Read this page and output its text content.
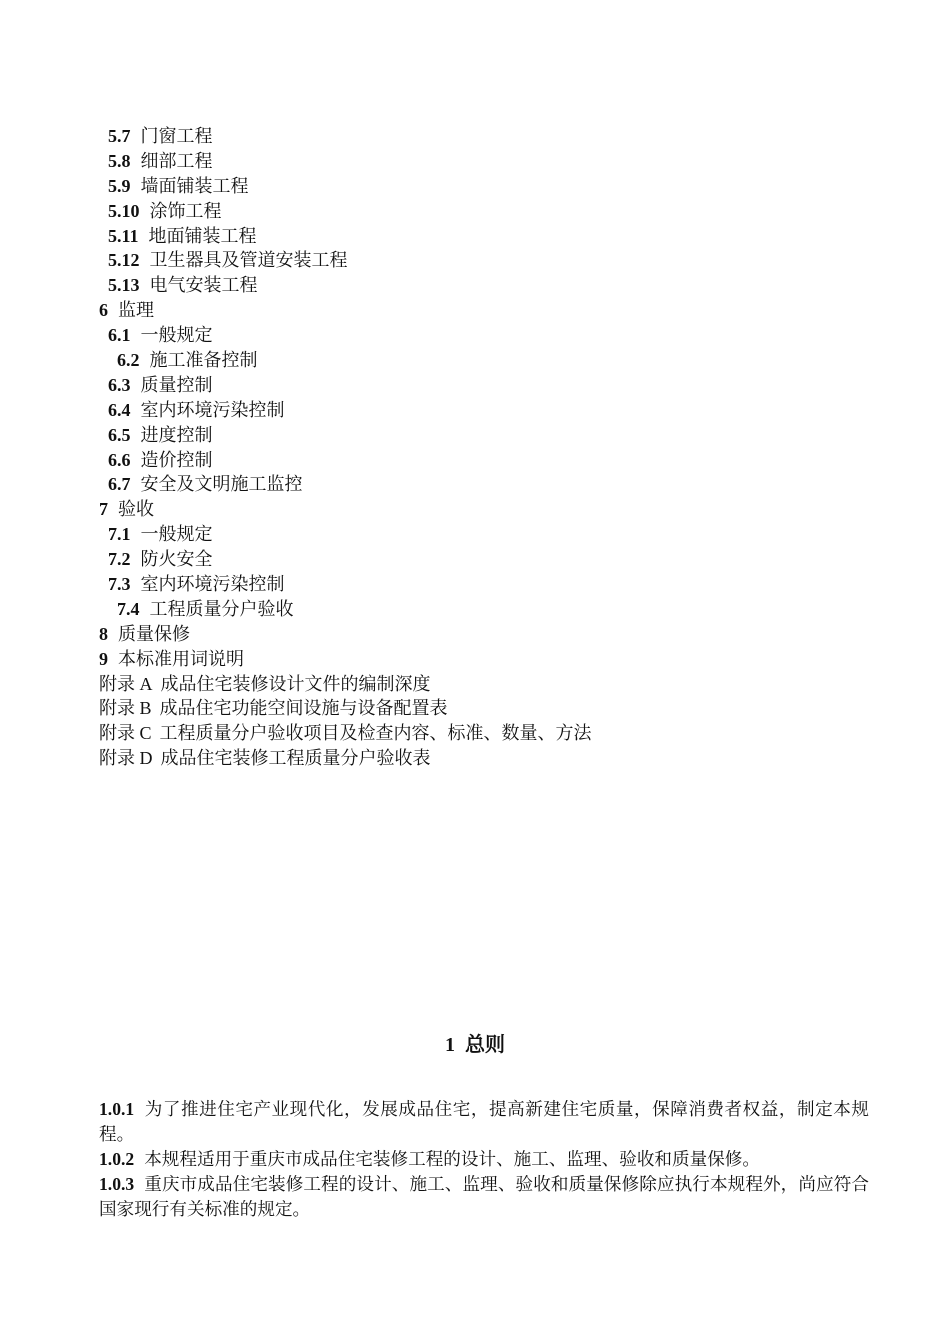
5.7 门窗工程
5.8 细部工程
5.9 墙面铺装工程
5.10 涂饰工程
5.11 地面铺装工程
5.12 卫生器具及管道安装工程
5.13 电气安装工程
6 监理
6.1 一般规定
6.2 施工准备控制
6.3 质量控制
6.4 室内环境污染控制
6.5 进度控制
6.6 造价控制
6.7 安全及文明施工监控
7 验收
7.1 一般规定
7.2 防火安全
7.3 室内环境污染控制
7.4 工程质量分户验收
8 质量保修
9 本标准用词说明
附录 A 成品住宅装修设计文件的编制深度
附录 B 成品住宅功能空间设施与设备配置表
附录 C 工程质量分户验收项目及检查内容、标准、数量、方法
附录 D 成品住宅装修工程质量分户验收表
1 总则
1.0.1 为了推进住宅产业现代化，发展成品住宅，提高新建住宅质量，保障消费者权益，制定本规程。
1.0.2 本规程适用于重庆市成品住宅装修工程的设计、施工、监理、验收和质量保修。
1.0.3 重庆市成品住宅装修工程的设计、施工、监理、验收和质量保修除应执行本规程外，尚应符合国家现行有关标准的规定。
